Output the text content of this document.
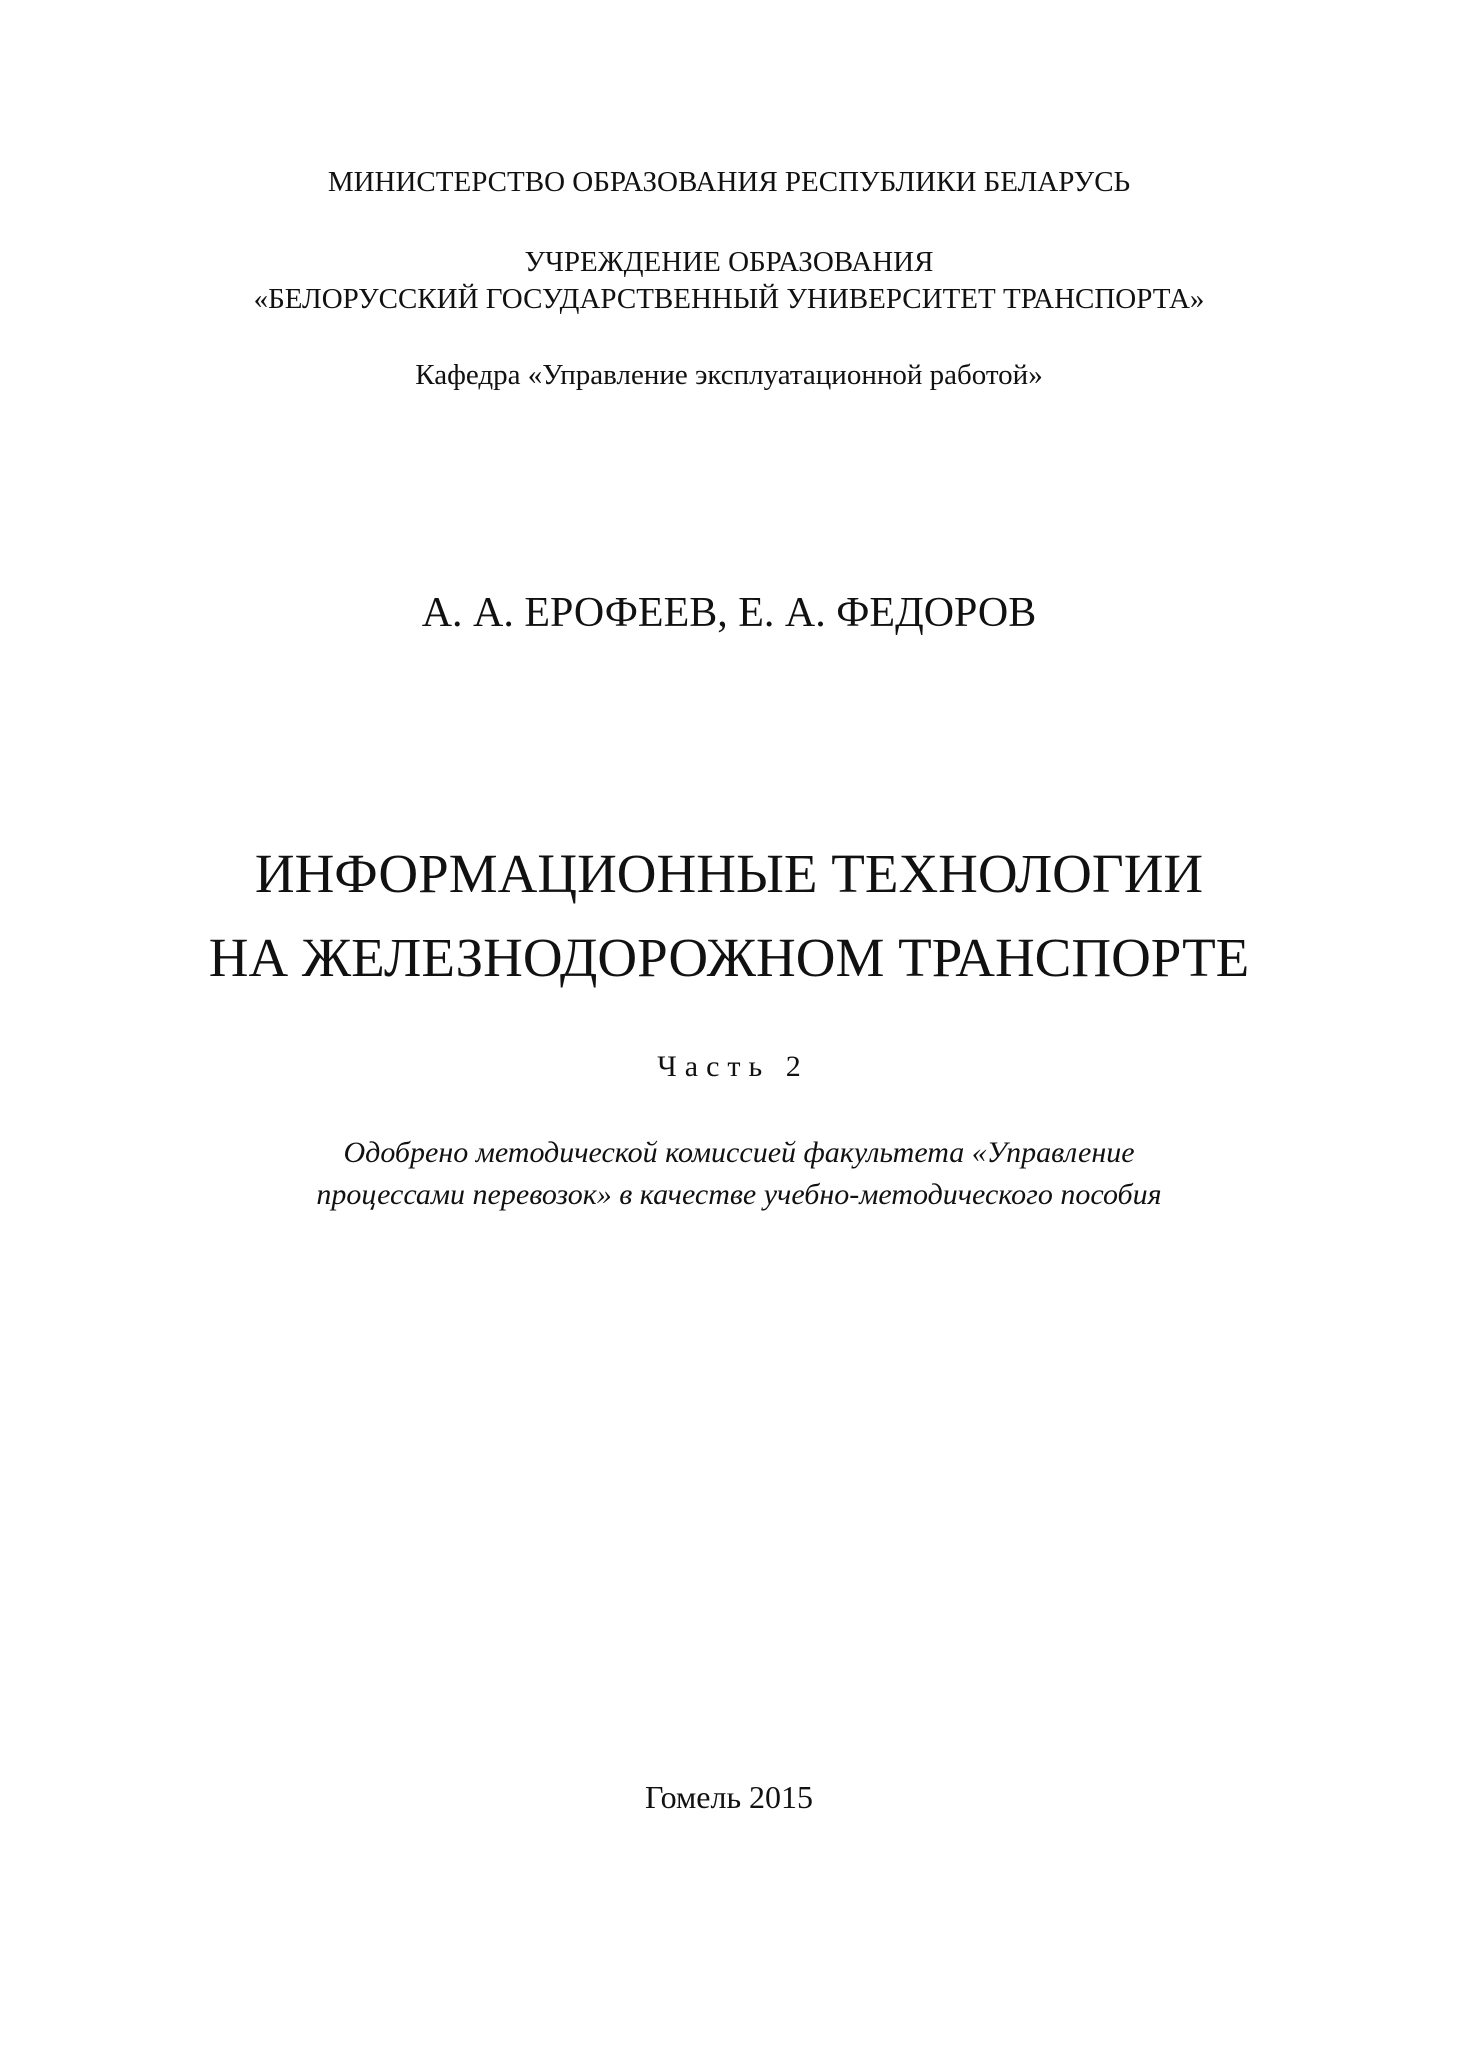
МИНИСТЕРСТВО ОБРАЗОВАНИЯ РЕСПУБЛИКИ БЕЛАРУСЬ
УЧРЕЖДЕНИЕ ОБРАЗОВАНИЯ
«БЕЛОРУССКИЙ ГОСУДАРСТВЕННЫЙ УНИВЕРСИТЕТ ТРАНСПОРТА»
Кафедра «Управление эксплуатационной работой»
А. А. ЕРОФЕЕВ, Е. А. ФЕДОРОВ
ИНФОРМАЦИОННЫЕ ТЕХНОЛОГИИ
НА ЖЕЛЕЗНОДОРОЖНОМ ТРАНСПОРТЕ
Часть 2
Одобрено методической комиссией факультета «Управление
процессами перевозок» в качестве учебно-методического пособия
Гомель 2015
